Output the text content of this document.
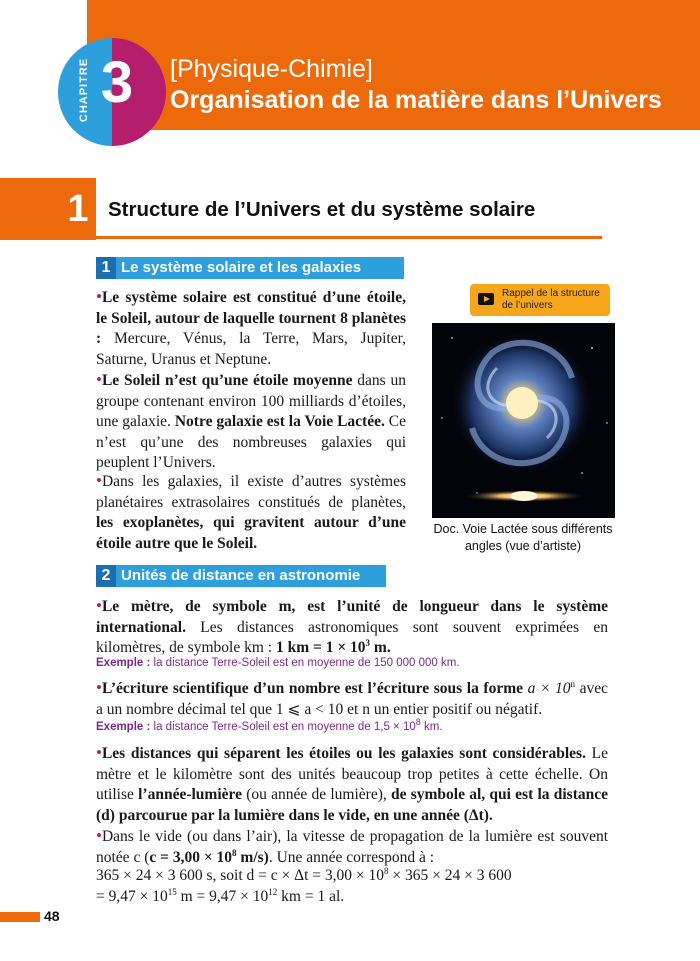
CHAPITRE 3	[Physique-Chimie]
Organisation de la matière dans l’Univers
1 Structure de l’Univers et du système solaire
1 Le système solaire et les galaxies

•Le système solaire est constitué d’une étoile, le Soleil, autour de laquelle tournent 8 planètes : Mercure, Vénus, la Terre, Mars, Jupiter, Saturne, Uranus et Neptune.

•Le Soleil n’est qu’une étoile moyenne dans un groupe contenant environ 100 milliards d’étoiles, une galaxie. Notre galaxie est la Voie Lactée. Ce n’est qu’une des nombreuses galaxies qui peuplent l’Univers.

•Dans les galaxies, il existe d’autres systèmes planétaires extrasolaires constitués de planètes, les exoplanètes, qui gravitent autour d’une étoile autre que le Soleil.

Rappel de la structure
de l’univers
Doc. Voie Lactée sous différents
angles (vue d’artiste)
2 Unités de distance en astronomie

•Le mètre, de symbole m, est l’unité de longueur dans le système international. Les distances astronomiques sont souvent exprimées en kilomètres, de symbole km : 1 km = $1 \times 10^3$ m.

Exemple : la distance Terre-Soleil est en moyenne de 150 000 000 km.

•L’écriture scientifique d’un nombre est l’écriture sous la forme $a \times 10^n$ avec a un nombre décimal tel que 1 ⩽ a < 10 et n un entier positif ou négatif.

Exemple : la distance Terre-Soleil est en moyenne de $1,5 \times 10^8$ km.

•Les distances qui séparent les étoiles ou les galaxies sont considérables. Le mètre et le kilomètre sont des unités beaucoup trop petites à cette échelle. On utilise l’année-lumière (ou année de lumière), de symbole al, qui est la distance (d) parcourue par la lumière dans le vide, en une année (Δt).

•Dans le vide (ou dans l’air), la vitesse de propagation de la lumière est souvent notée c ($c = 3,00 \times 10^8$ m/s). Une année correspond à :

365 × 24 × 3 600 s, soit $d = c \times \Delta t = 3,00 \times 10^8 \times 365 \times 24 \times 3$ 600
= $9,47 \times 10^{15}$ $m = 9,47 \times 10^{12}$ km = 1 al.
48
